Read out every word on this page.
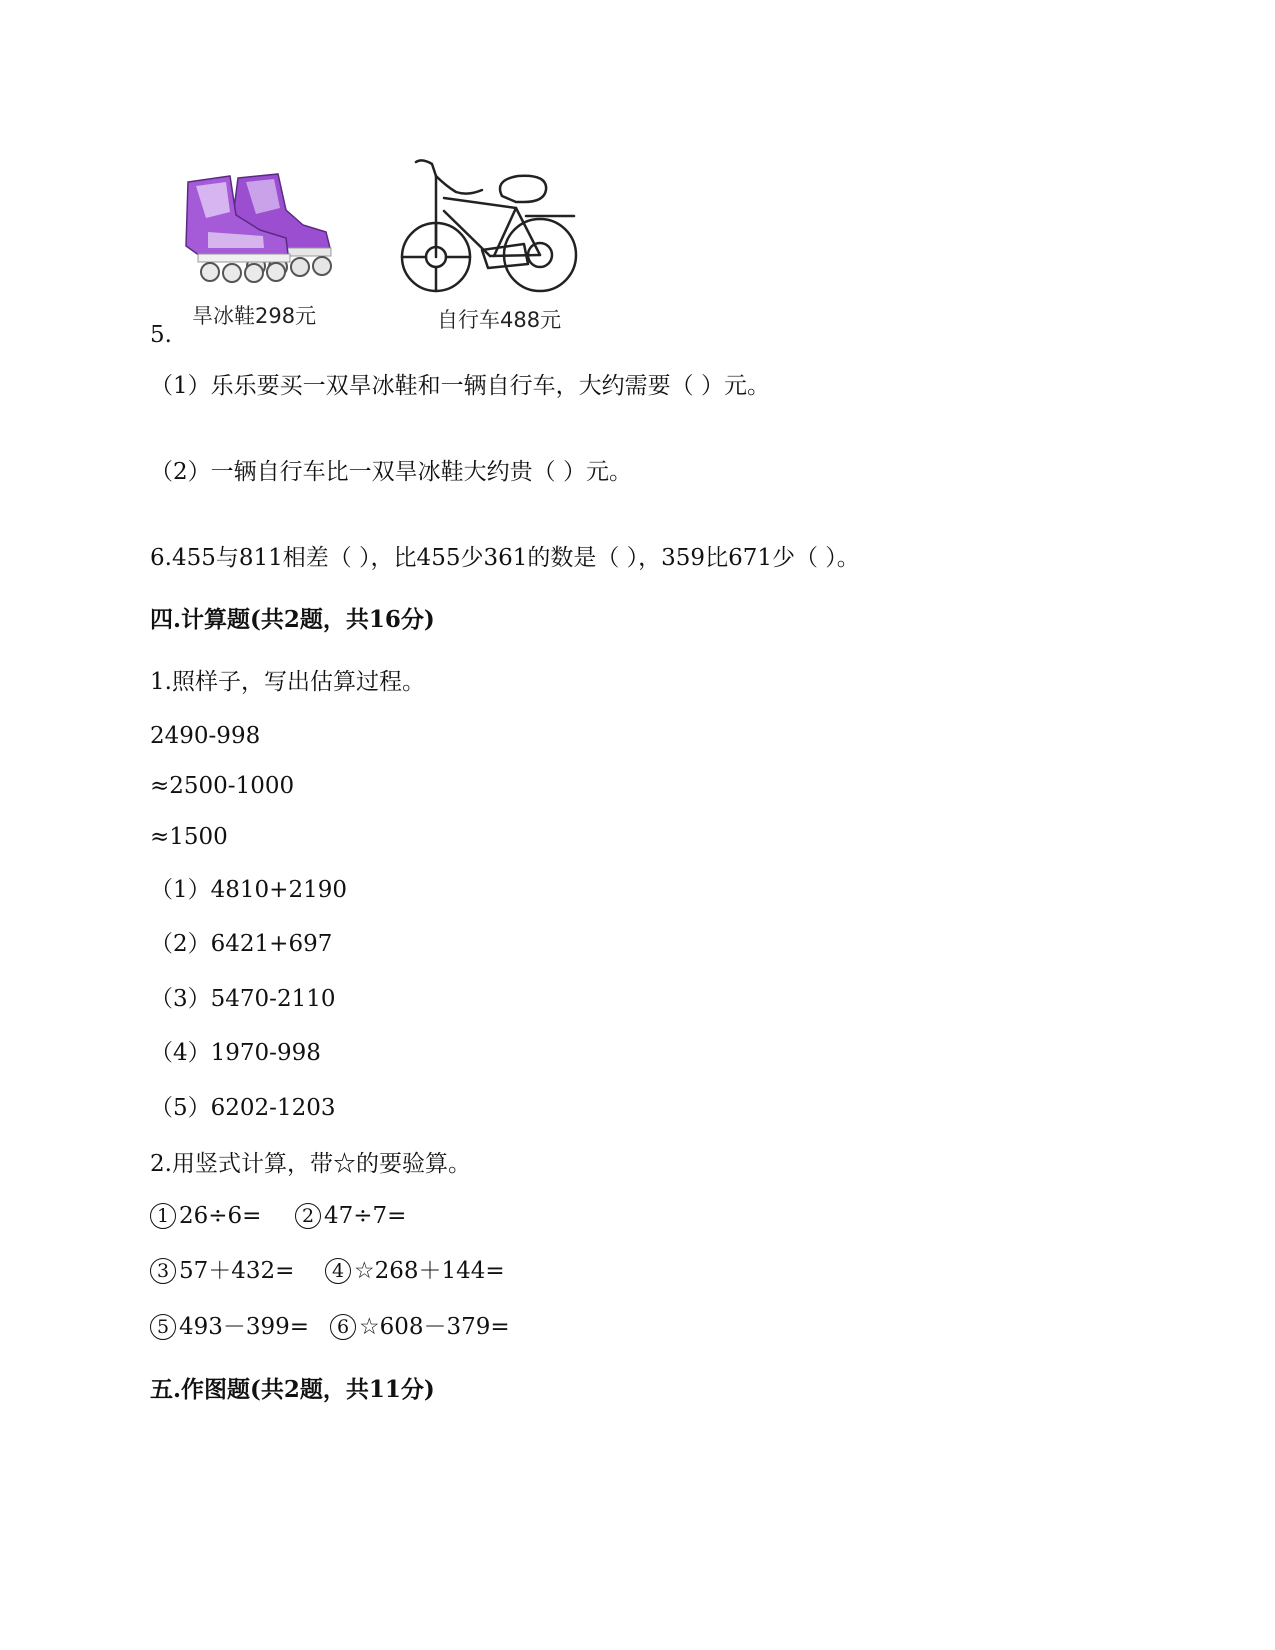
旱冰鞋298元	自行车488元
5.
（1）乐乐要买一双旱冰鞋和一辆自行车，大约需要（ ）元。
（2）一辆自行车比一双旱冰鞋大约贵（ ）元。
6.455与811相差（ ），比455少361的数是（ ），359比671少（ ）。
四.计算题(共2题，共16分)
1.照样子，写出估算过程。
2490-998
≈2500-1000
≈1500
（1）4810+2190
（2）6421+697
（3）5470-2110
（4）1970-998
（5）6202-1203
2.用竖式计算，带☆的要验算。
1 26÷6=	2 47÷7=
3 57＋432=	4 ☆268＋144=
5 493－399=	6 ☆608－379=
五.作图题(共2题，共11分)
